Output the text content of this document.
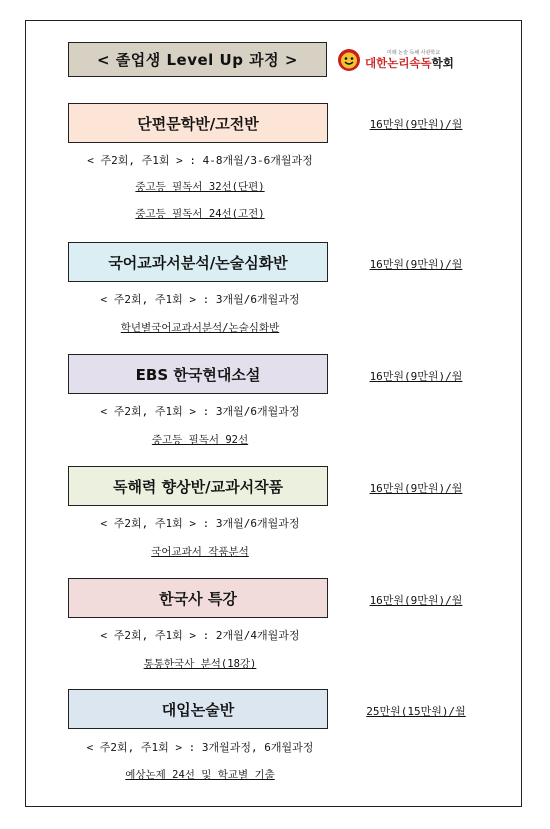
< 졸업생 Level Up 과정 >	미래 논술 독해 사관학교
대한논리속독학회
단편문학반/고전반	16만원(9만원)/월
< 주2회, 주1회 > : 4-8개월/3-6개월과정
중고등 필독서 32선(단편)
중고등 필독서 24선(고전)
국어교과서분석/논술심화반	16만원(9만원)/월
< 주2회, 주1회 > : 3개월/6개월과정
학년별국어교과서분석/논술심화반
EBS 한국현대소설	16만원(9만원)/월
< 주2회, 주1회 > : 3개월/6개월과정
중고등 필독서 92선
독해력 향상반/교과서작품	16만원(9만원)/월
< 주2회, 주1회 > : 3개월/6개월과정
국어교과서 작품분석
한국사 특강	16만원(9만원)/월
< 주2회, 주1회 > : 2개월/4개월과정
통통한국사 분석(18강)
대입논술반	25만원(15만원)/월
< 주2회, 주1회 > : 3개월과정, 6개월과정
예상논제 24선 및 학교별 기출
